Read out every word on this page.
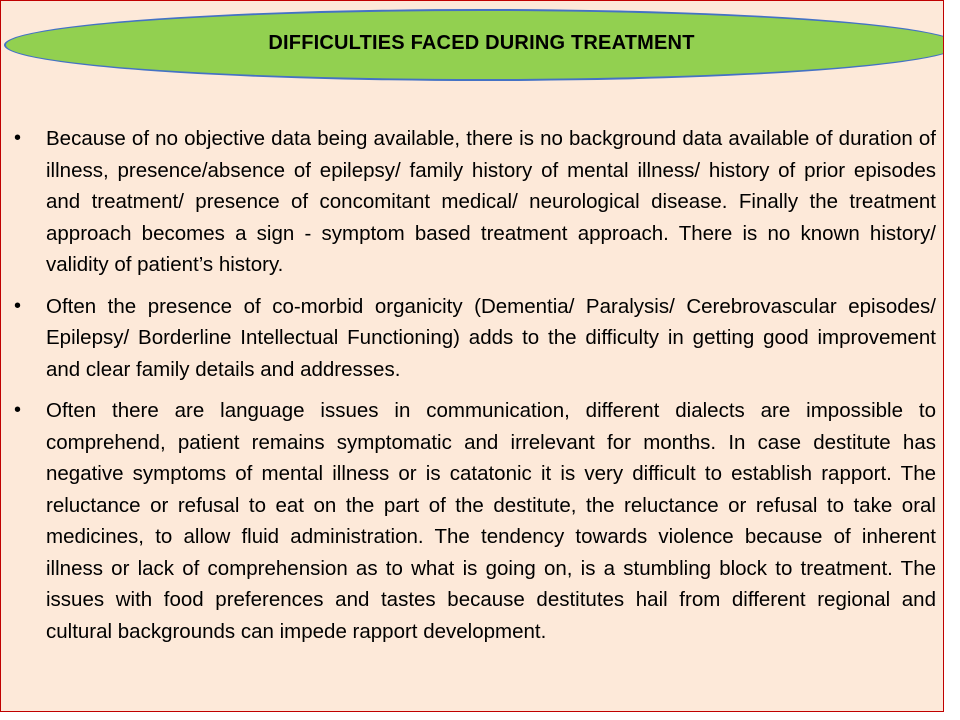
DIFFICULTIES FACED DURING TREATMENT
• Because of no objective data being available, there is no background data available of duration of illness, presence/absence of epilepsy/ family history of mental illness/ history of prior episodes and treatment/ presence of concomitant medical/ neurological disease. Finally the treatment approach becomes a sign - symptom based treatment approach. There is no known history/ validity of patient’s history.
• Often the presence of co-morbid organicity (Dementia/ Paralysis/ Cerebrovascular episodes/ Epilepsy/ Borderline Intellectual Functioning) adds to the difficulty in getting good improvement and clear family details and addresses.
• Often there are language issues in communication, different dialects are impossible to comprehend, patient remains symptomatic and irrelevant for months. In case destitute has negative symptoms of mental illness or is catatonic it is very difficult to establish rapport. The reluctance or refusal to eat on the part of the destitute, the reluctance or refusal to take oral medicines, to allow fluid administration. The tendency towards violence because of inherent illness or lack of comprehension as to what is going on, is a stumbling block to treatment. The issues with food preferences and tastes because destitutes hail from different regional and cultural backgrounds can impede rapport development.
